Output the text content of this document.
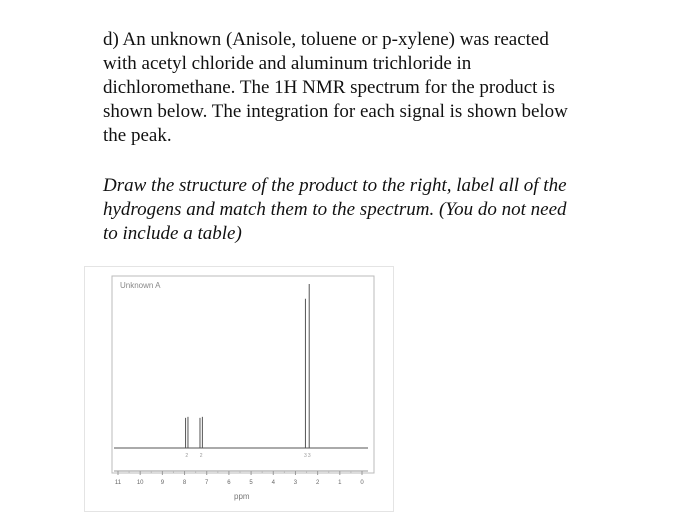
d) An unknown (Anisole, toluene or p-xylene) was reacted
with acetyl chloride and aluminum trichloride in
dichloromethane. The 1H NMR spectrum for the product is
shown below. The integration for each signal is shown below
the peak.
Draw the structure of the product to the right, label all of the
hydrogens and match them to the spectrum. (You do not need
to include a table)
Unknown A
2 2	3 3
11	10	9	8	7	6	5	4	3	2	1	0
ppm
